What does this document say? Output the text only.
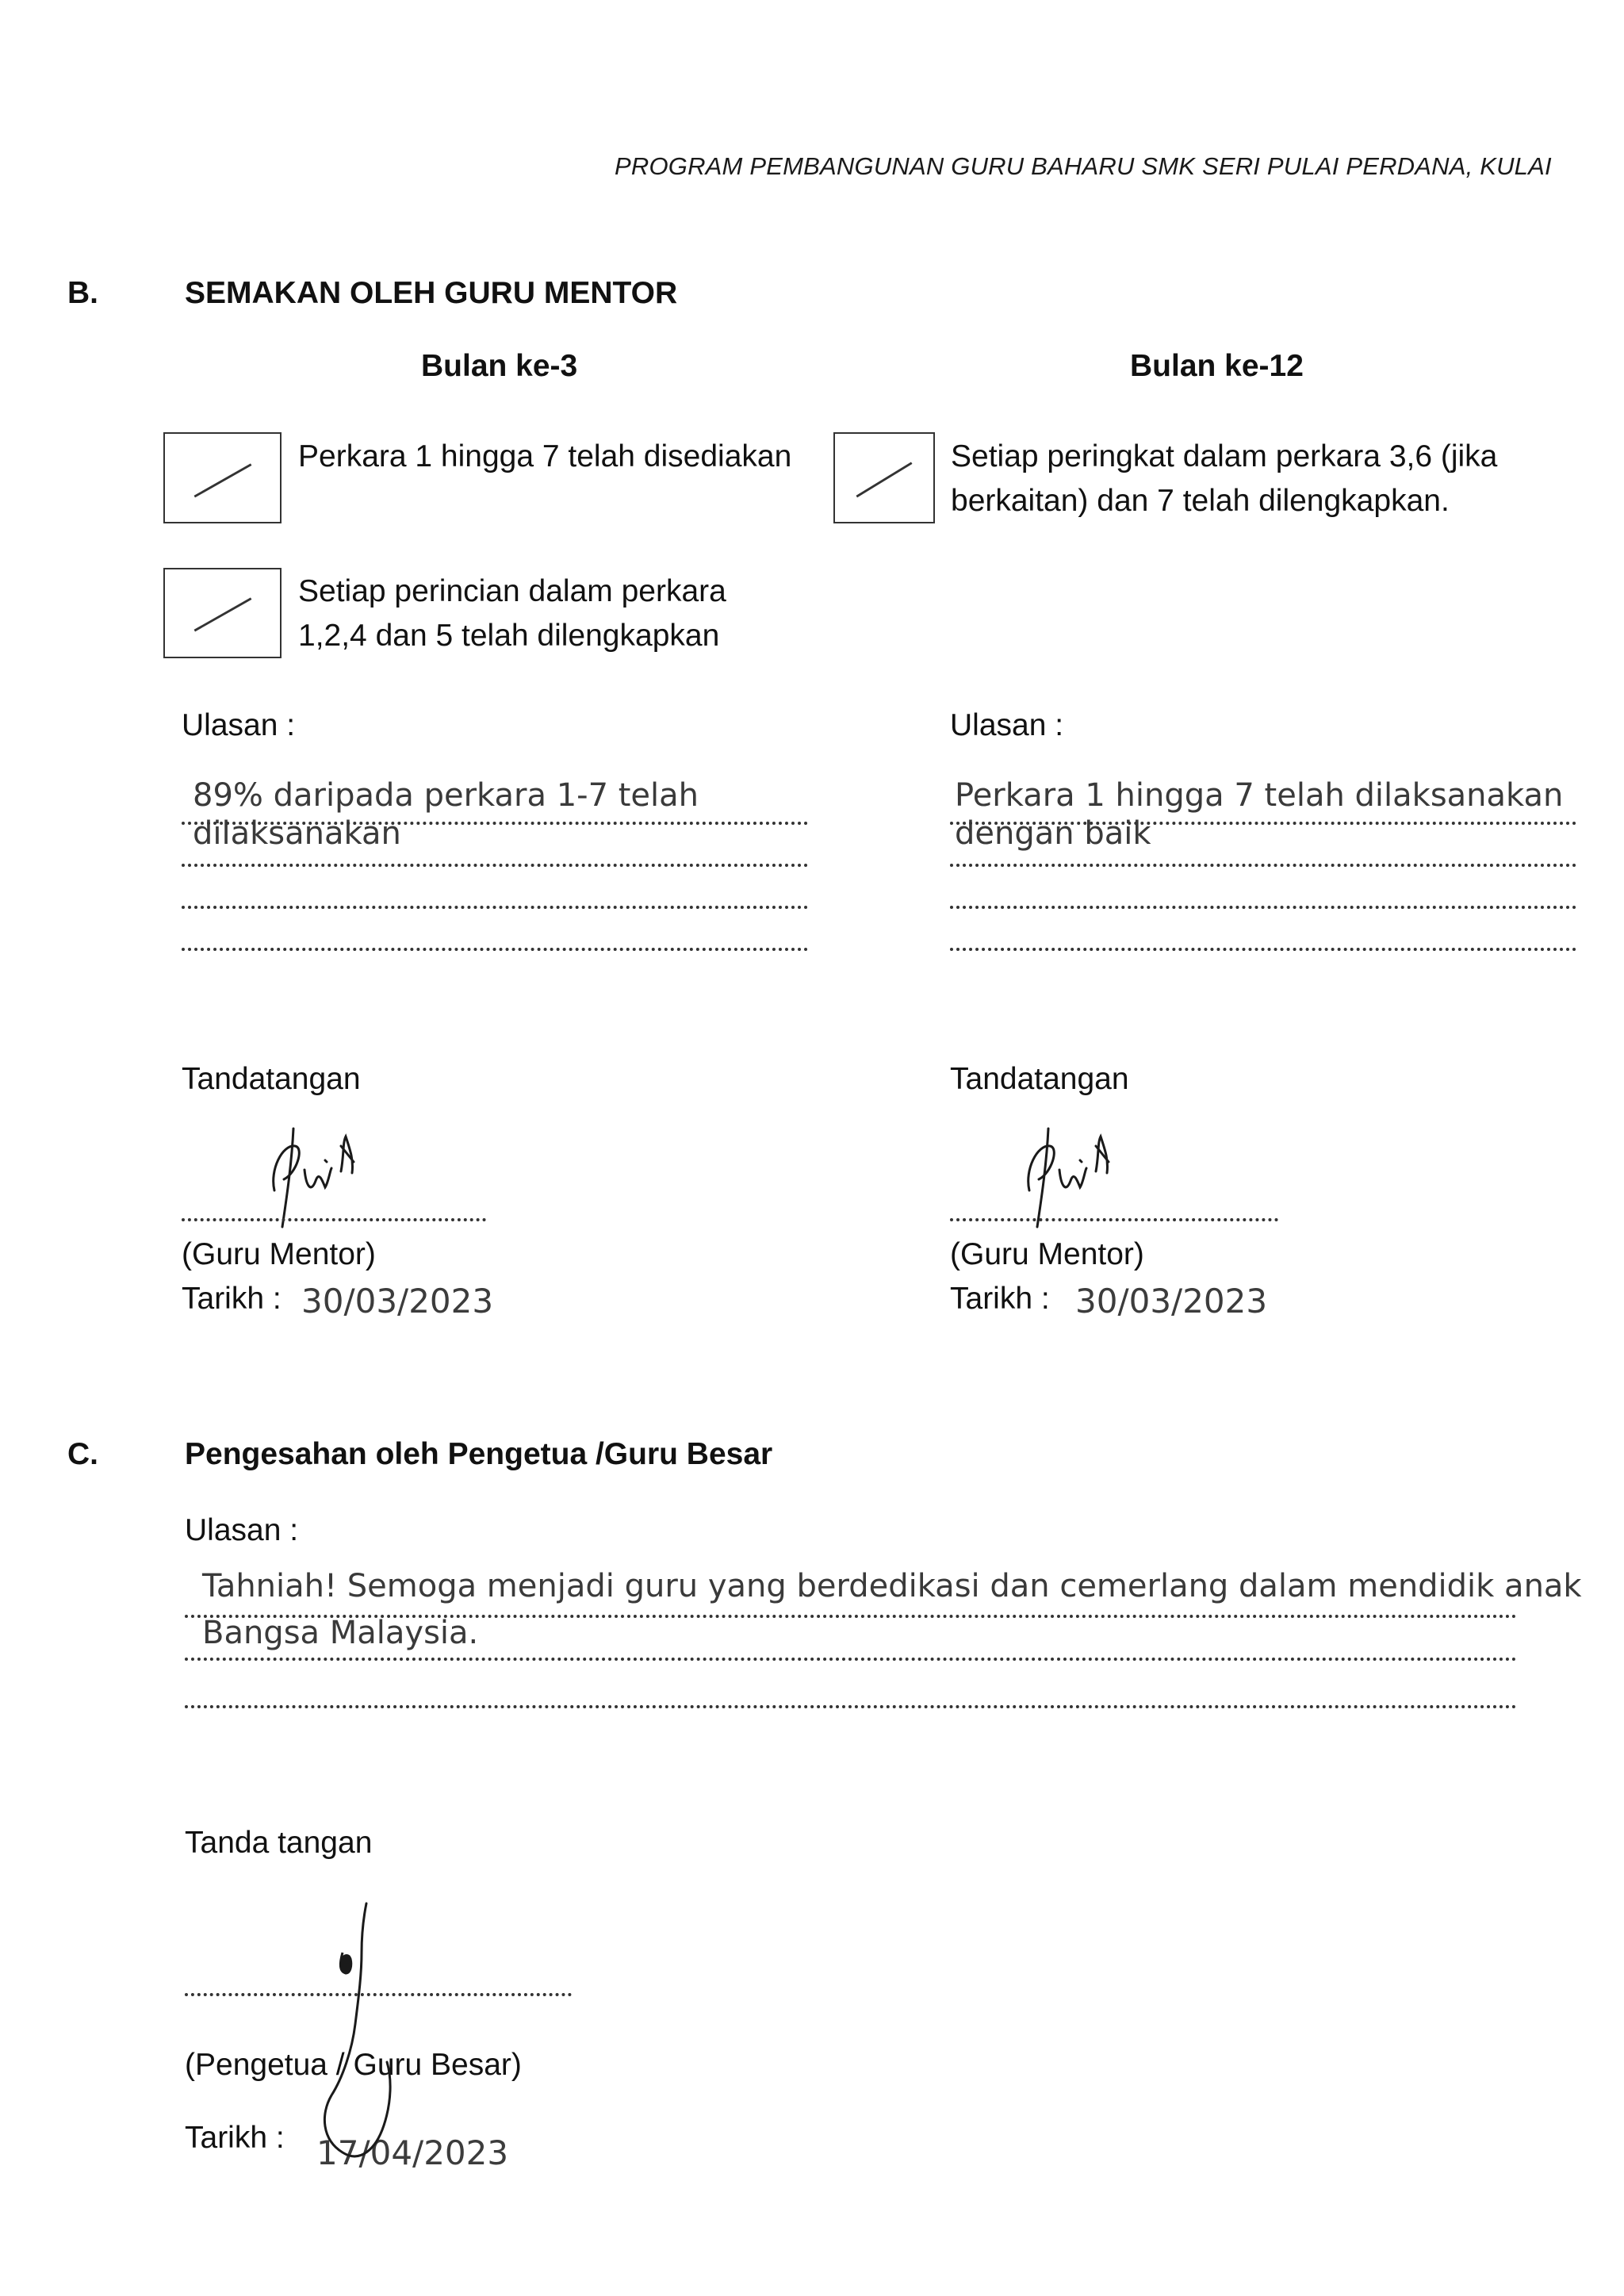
PROGRAM PEMBANGUNAN GURU BAHARU SMK SERI PULAI PERDANA, KULAI
B.	SEMAKAN OLEH GURU MENTOR
Bulan ke-3	Bulan ke-12
Perkara 1 hingga 7 telah disediakan
Setiap perincian dalam perkara
1,2,4 dan 5 telah dilengkapkan
Setiap peringkat dalam perkara 3,6 (jika
berkaitan) dan 7 telah dilengkapkan.
Ulasan :
89% daripada perkara 1-7 telah
dilaksanakan
Ulasan :
Perkara 1 hingga 7 telah dilaksanakan
dengan baik
Tandatangan
(Guru Mentor)
Tarikh : 30/03/2023
Tandatangan
(Guru Mentor)
Tarikh : 30/03/2023
C.	Pengesahan oleh Pengetua /Guru Besar
Ulasan :
Tahniah! Semoga menjadi guru yang berdedikasi dan cemerlang dalam mendidik anak
Bangsa Malaysia.
Tanda tangan
(Pengetua / Guru Besar)
Tarikh : 17/04/2023
